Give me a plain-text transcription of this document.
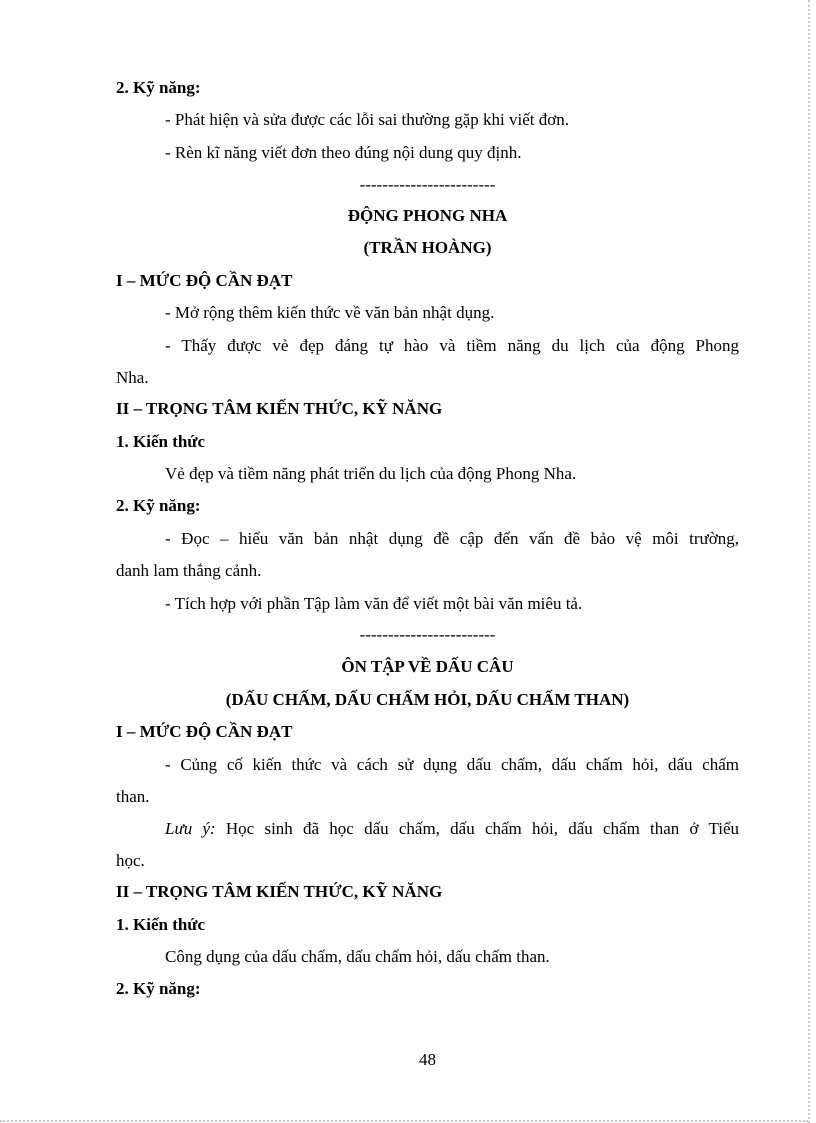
2. Kỹ năng:
- Phát hiện và sửa được các lỗi sai thường gặp khi viết đơn.
- Rèn kĩ năng viết đơn theo đúng nội dung quy định.
------------------------
ĐỘNG PHONG NHA
(TRẦN HOÀNG)
I – MỨC ĐỘ CẦN ĐẠT
- Mở rộng thêm kiến thức về văn bản nhật dụng.
- Thấy được vẻ đẹp đáng tự hào và tiềm năng du lịch của động Phong
Nha.
II – TRỌNG TÂM KIẾN THỨC, KỸ NĂNG
1. Kiến thức
Vẻ đẹp và tiềm năng phát triển du lịch của động Phong Nha.
2. Kỹ năng:
- Đọc – hiểu văn bản nhật dụng đề cập đến vấn đề bảo vệ môi trường,
danh lam thắng cảnh.
- Tích hợp với phần Tập làm văn để viết một bài văn miêu tả.
------------------------
ÔN TẬP VỀ DẤU CÂU
(DẤU CHẤM, DẤU CHẤM HỎI, DẤU CHẤM THAN)
I – MỨC ĐỘ CẦN ĐẠT
- Củng cố kiến thức và cách sử dụng dấu chấm, dấu chấm hỏi, dấu chấm
than.
Lưu ý: Học sinh đã học dấu chấm, dấu chấm hỏi, dấu chấm than ở Tiểu
học.
II – TRỌNG TÂM KIẾN THỨC, KỸ NĂNG
1. Kiến thức
Công dụng của dấu chấm, dấu chấm hỏi, dấu chấm than.
2. Kỹ năng:
48
